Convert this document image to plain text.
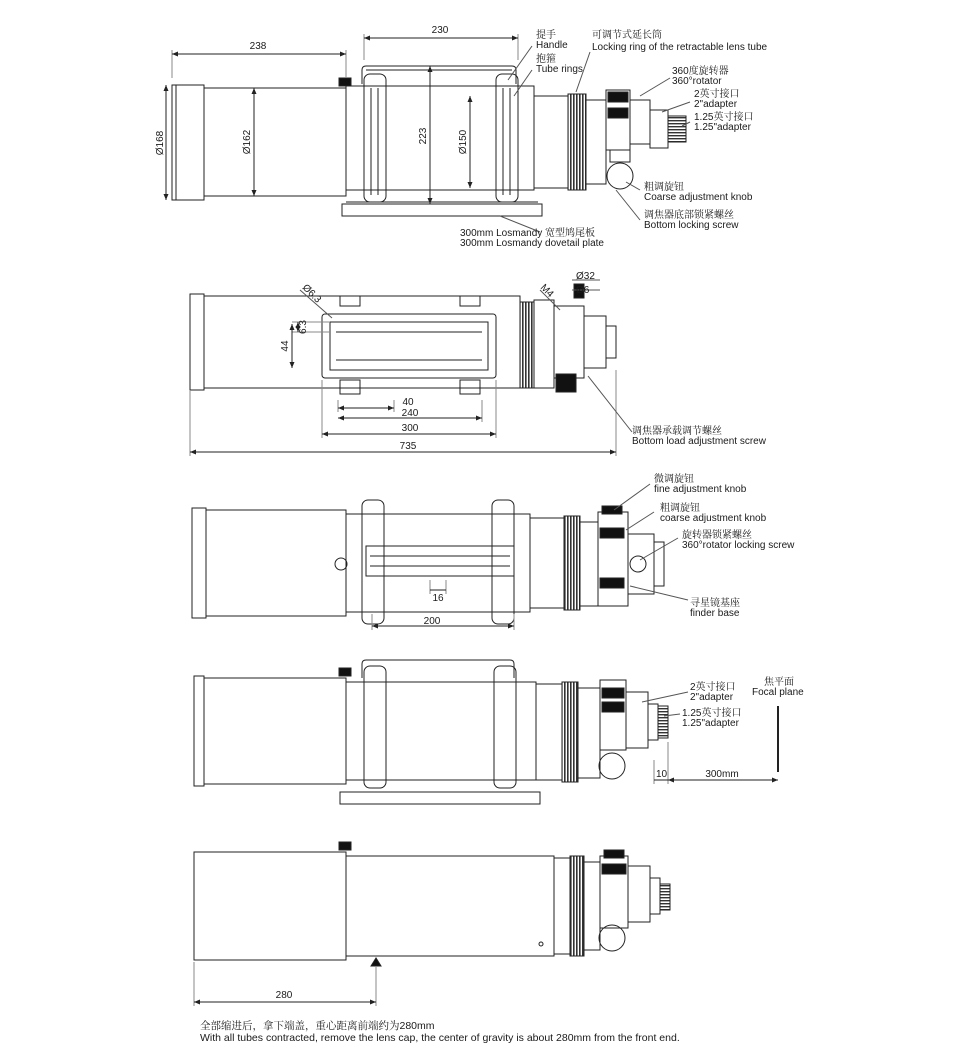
238
230
Ø168	Ø162	223	Ø150
提手
Handle
抱箍
Tube rings
可调节式延长筒
Locking ring of the retractable lens tube
360度旋转器
360°rotator
2英寸接口
2"adapter
1.25英寸接口
1.25"adapter
粗调旋钮
Coarse adjustment knob
调焦器底部锁紧螺丝
Bottom locking screw
300mm Losmandy 宽型鸠尾板
300mm Losmandy dovetail plate
Ø6.3
6.3
44
M4
Ø32
Ø6
40
240
300
735
调焦器承载调节螺丝
Bottom load adjustment screw
16
200
微调旋钮
fine adjustment knob
粗调旋钮
coarse adjustment knob
旋转器锁紧螺丝
360°rotator locking screw
寻星镜基座
finder base
2英寸接口
2"adapter
1.25英寸接口
1.25"adapter
焦平面
Focal plane
10	300mm
280
全部缩进后，拿下端盖，重心距离前端约为280mm
With all tubes contracted, remove the lens cap, the center of gravity is about 280mm from the front end.
